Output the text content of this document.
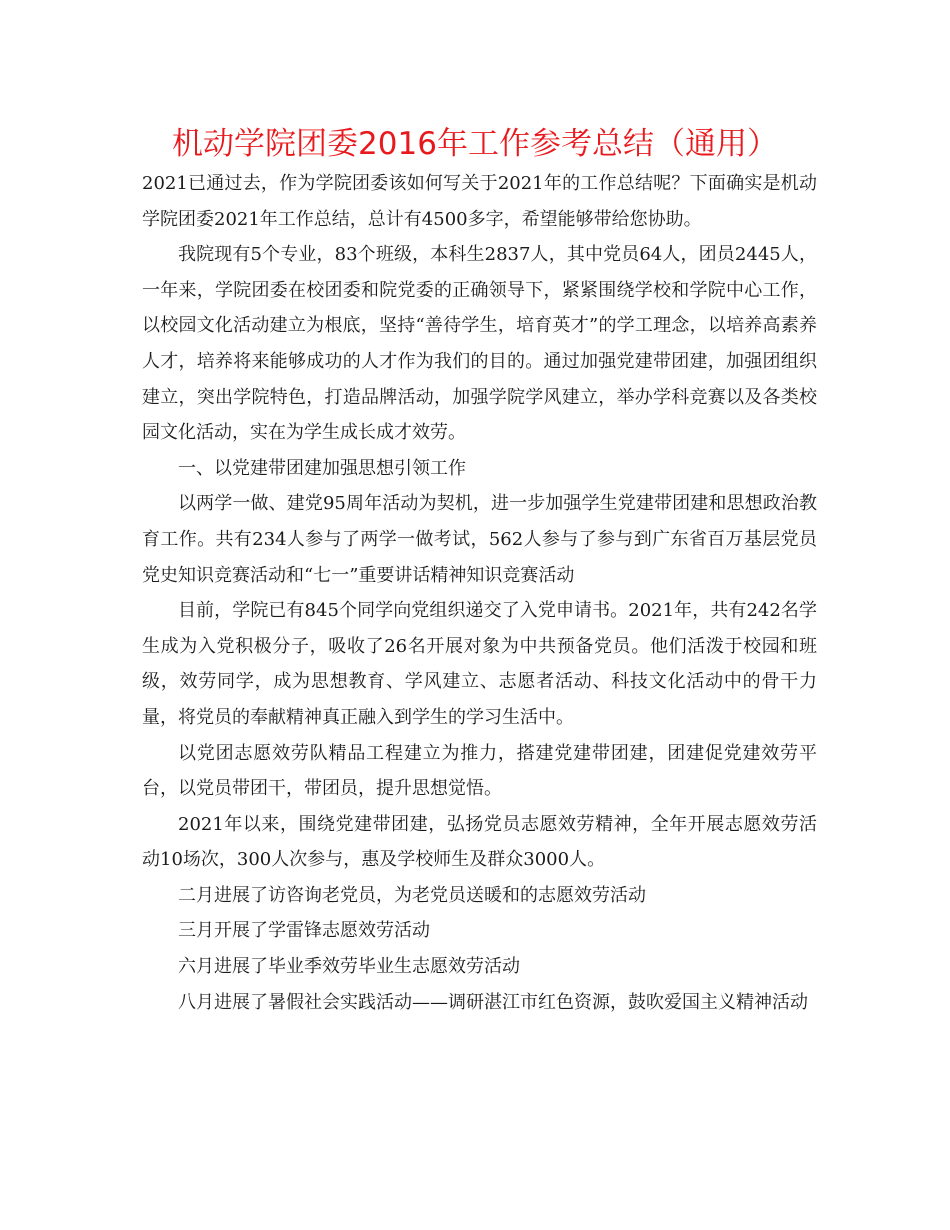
机动学院团委2016年工作参考总结（通用）

2021已通过去，作为学院团委该如何写关于2021年的工作总结呢？下面确实是机动学院团委2021年工作总结，总计有4500多字，希望能够带给您协助。

我院现有5个专业，83个班级，本科生2837人，其中党员64人，团员2445人，一年来，学院团委在校团委和院党委的正确领导下，紧紧围绕学校和学院中心工作，以校园文化活动建立为根底，坚持“善待学生，培育英才”的学工理念，以培养高素养人才，培养将来能够成功的人才作为我们的目的。通过加强党建带团建，加强团组织建立，突出学院特色，打造品牌活动，加强学院学风建立，举办学科竞赛以及各类校园文化活动，实在为学生成长成才效劳。

一、以党建带团建加强思想引领工作

以两学一做、建党95周年活动为契机，进一步加强学生党建带团建和思想政治教育工作。共有234人参与了两学一做考试，562人参与了参与到广东省百万基层党员党史知识竞赛活动和“七一”重要讲话精神知识竞赛活动

目前，学院已有845个同学向党组织递交了入党申请书。2021年，共有242名学生成为入党积极分子，吸收了26名开展对象为中共预备党员。他们活泼于校园和班级，效劳同学，成为思想教育、学风建立、志愿者活动、科技文化活动中的骨干力量，将党员的奉献精神真正融入到学生的学习生活中。

以党团志愿效劳队精品工程建立为推力，搭建党建带团建，团建促党建效劳平台，以党员带团干，带团员，提升思想觉悟。

2021年以来，围绕党建带团建，弘扬党员志愿效劳精神，全年开展志愿效劳活动10场次，300人次参与，惠及学校师生及群众3000人。

二月进展了访咨询老党员，为老党员送暖和的志愿效劳活动

三月开展了学雷锋志愿效劳活动

六月进展了毕业季效劳毕业生志愿效劳活动

八月进展了暑假社会实践活动——调研湛江市红色资源，鼓吹爱国主义精神活动
